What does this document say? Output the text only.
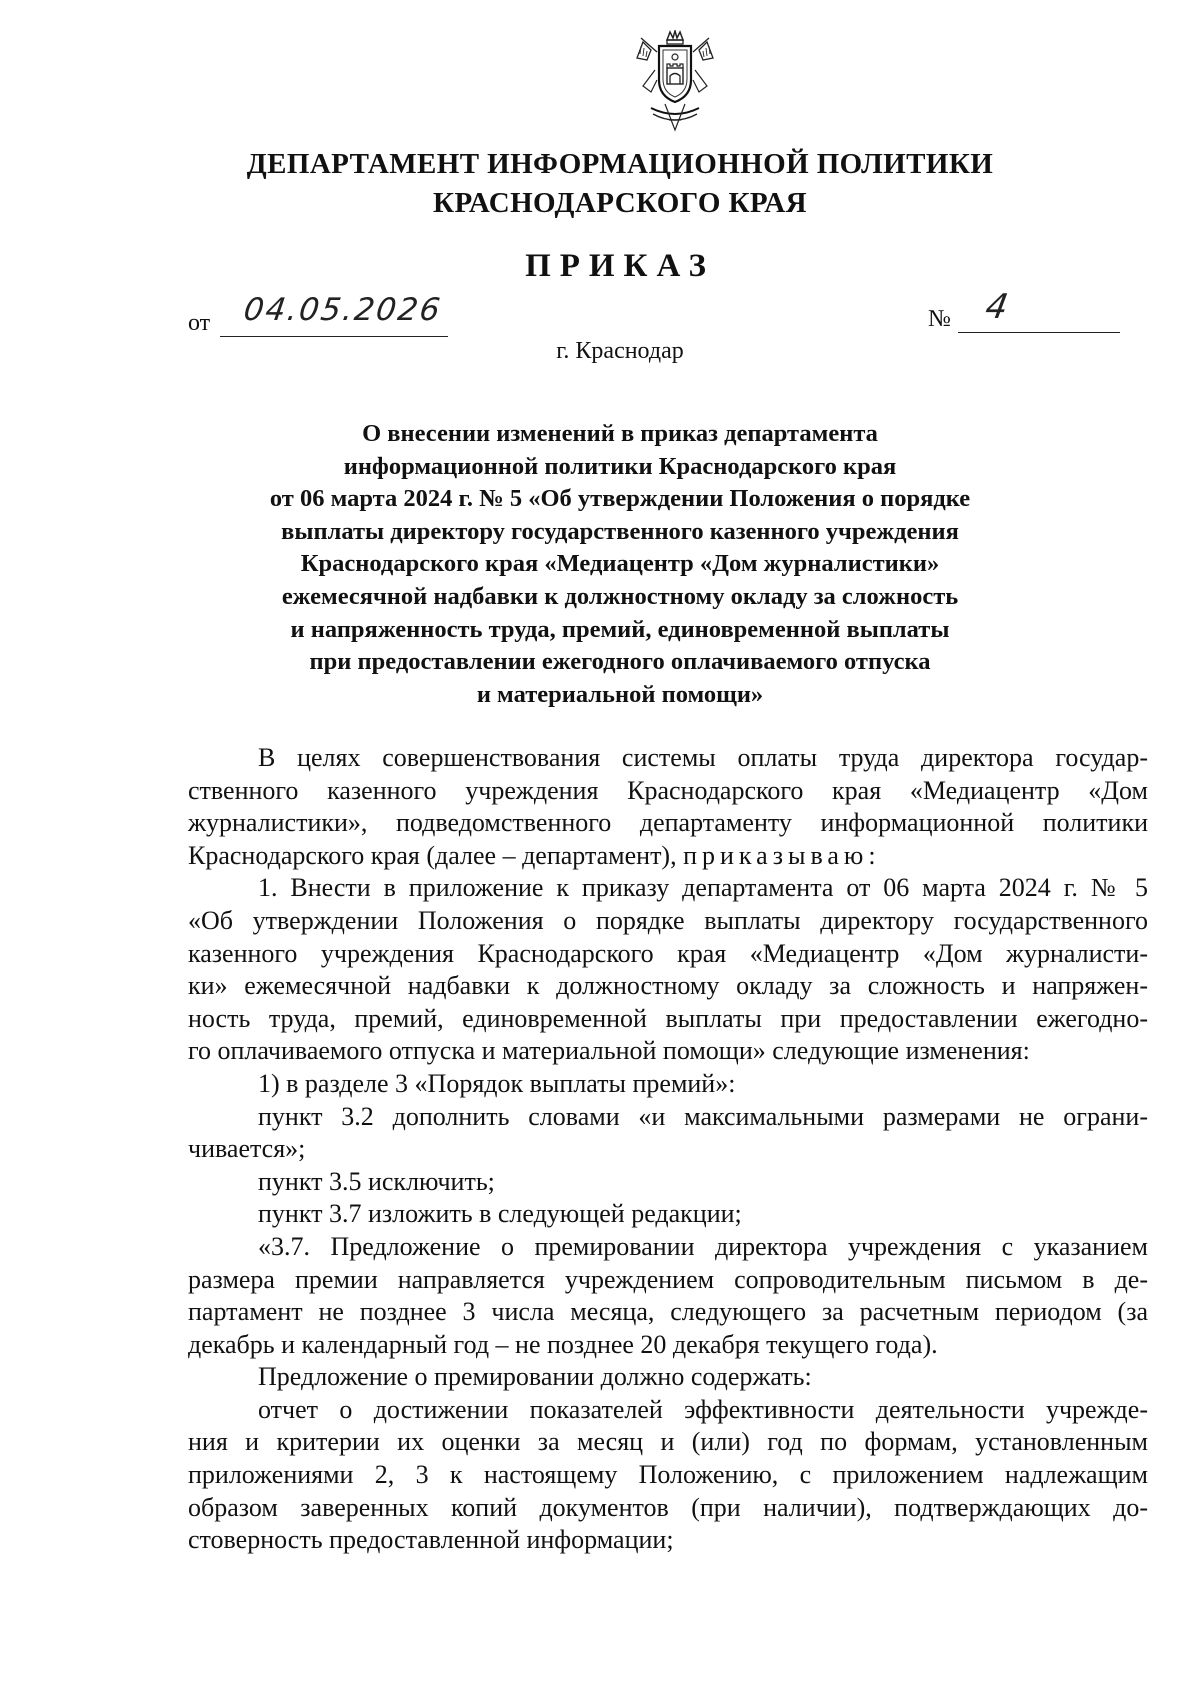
ДЕПАРТАМЕНТ ИНФОРМАЦИОННОЙ ПОЛИТИКИ
КРАСНОДАРСКОГО КРАЯ
ПРИКАЗ
от 04.05.2026	№ 4
г. Краснодар
О внесении изменений в приказ департамента
информационной политики Краснодарского края
от 06 марта 2024 г. № 5 «Об утверждении Положения о порядке
выплаты директору государственного казенного учреждения
Краснодарского края «Медиацентр «Дом журналистики»
ежемесячной надбавки к должностному окладу за сложность
и напряженность труда, премий, единовременной выплаты
при предоставлении ежегодного оплачиваемого отпуска
и материальной помощи»
В целях совершенствования системы оплаты труда директора государ-
ственного казенного учреждения Краснодарского края «Медиацентр «Дом
журналистики», подведомственного департаменту информационной политики
Краснодарского края (далее – департамент), приказываю:
1. Внести в приложение к приказу департамента от 06 марта 2024 г. № 5
«Об утверждении Положения о порядке выплаты директору государственного
казенного учреждения Краснодарского края «Медиацентр «Дом журналисти-
ки» ежемесячной надбавки к должностному окладу за сложность и напряжен-
ность труда, премий, единовременной выплаты при предоставлении ежегодно-
го оплачиваемого отпуска и материальной помощи» следующие изменения:
1) в разделе 3 «Порядок выплаты премий»:
пункт 3.2 дополнить словами «и максимальными размерами не ограни-
чивается»;
пункт 3.5 исключить;
пункт 3.7 изложить в следующей редакции;
«3.7. Предложение о премировании директора учреждения с указанием
размера премии направляется учреждением сопроводительным письмом в де-
партамент не позднее 3 числа месяца, следующего за расчетным периодом (за
декабрь и календарный год – не позднее 20 декабря текущего года).
Предложение о премировании должно содержать:
отчет о достижении показателей эффективности деятельности учрежде-
ния и критерии их оценки за месяц и (или) год по формам, установленным
приложениями 2, 3 к настоящему Положению, с приложением надлежащим
образом заверенных копий документов (при наличии), подтверждающих до-
стоверность предоставленной информации;
